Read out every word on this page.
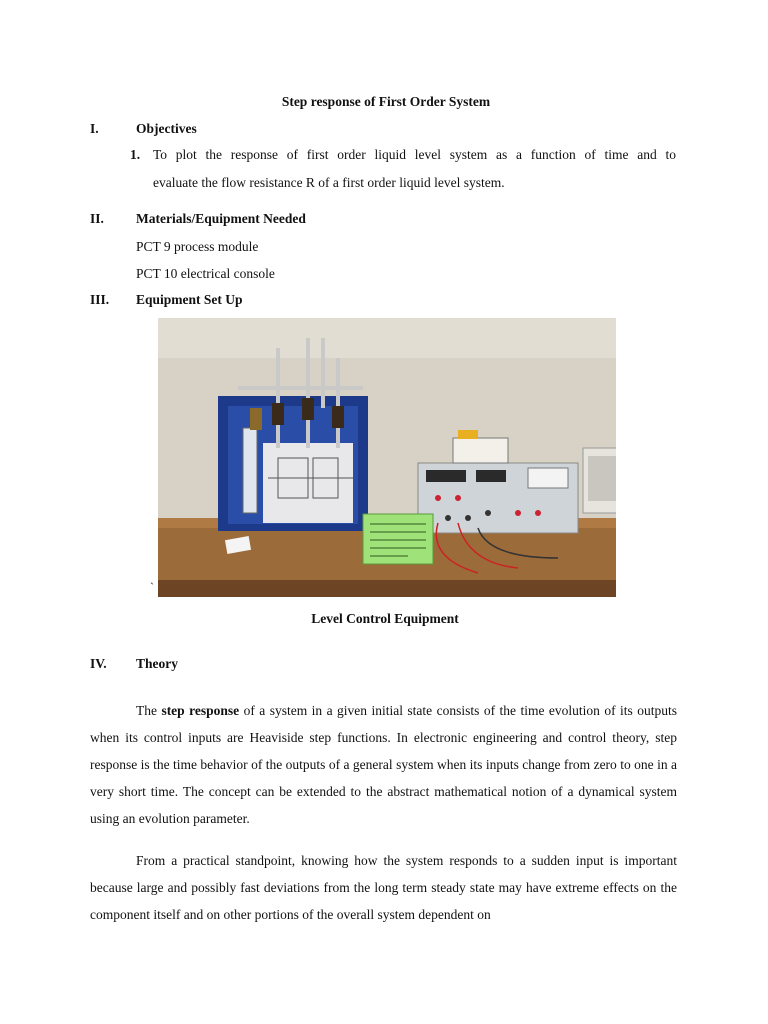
Step response of First Order System
I.	Objectives
1. To plot the response of first order liquid level system as a function of time and to
evaluate the flow resistance R of a first order liquid level system.
II. Materials/Equipment Needed
PCT 9 process module
PCT 10 electrical console
III. Equipment Set Up
`
Level Control Equipment
IV. Theory
The step response of a system in a given initial state consists of the time evolution of its outputs when its control inputs are Heaviside step functions. In electronic engineering and control theory, step response is the time behavior of the outputs of a general system when its inputs change from zero to one in a very short time. The concept can be extended to the abstract mathematical notion of a dynamical system using an evolution parameter.
From a practical standpoint, knowing how the system responds to a sudden input is important because large and possibly fast deviations from the long term steady state may have extreme effects on the component itself and on other portions of the overall system dependent on
